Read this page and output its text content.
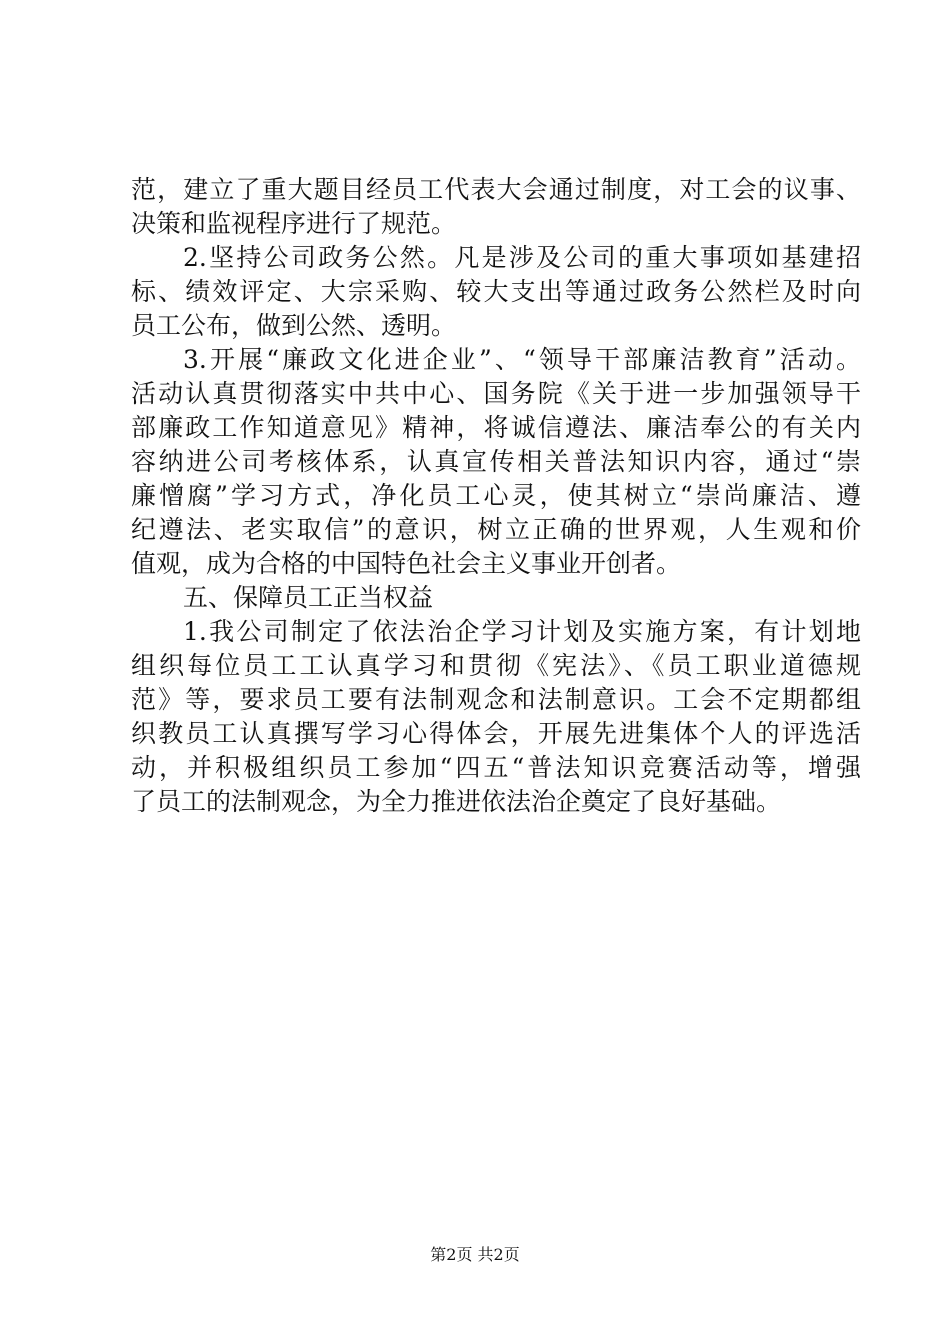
范，建立了重大题目经员工代表大会通过制度，对工会的议事、
决策和监视程序进行了规范。
2.坚持公司政务公然。凡是涉及公司的重大事项如基建招
标、绩效评定、大宗采购、较大支出等通过政务公然栏及时向
员工公布，做到公然、透明。
3.开展“廉政文化进企业”、“领导干部廉洁教育”活动。
活动认真贯彻落实中共中心、国务院《关于进一步加强领导干
部廉政工作知道意见》精神，将诚信遵法、廉洁奉公的有关内
容纳进公司考核体系，认真宣传相关普法知识内容，通过“崇
廉憎腐”学习方式，净化员工心灵，使其树立“崇尚廉洁、遵
纪遵法、老实取信”的意识，树立正确的世界观，人生观和价
值观，成为合格的中国特色社会主义事业开创者。
五、保障员工正当权益
1.我公司制定了依法治企学习计划及实施方案，有计划地
组织每位员工工认真学习和贯彻《宪法》、《员工职业道德规
范》等，要求员工要有法制观念和法制意识。工会不定期都组
织教员工认真撰写学习心得体会，开展先进集体个人的评选活
动，并积极组织员工参加“四五“普法知识竞赛活动等，增强
了员工的法制观念，为全力推进依法治企奠定了良好基础。
第2页 共2页
